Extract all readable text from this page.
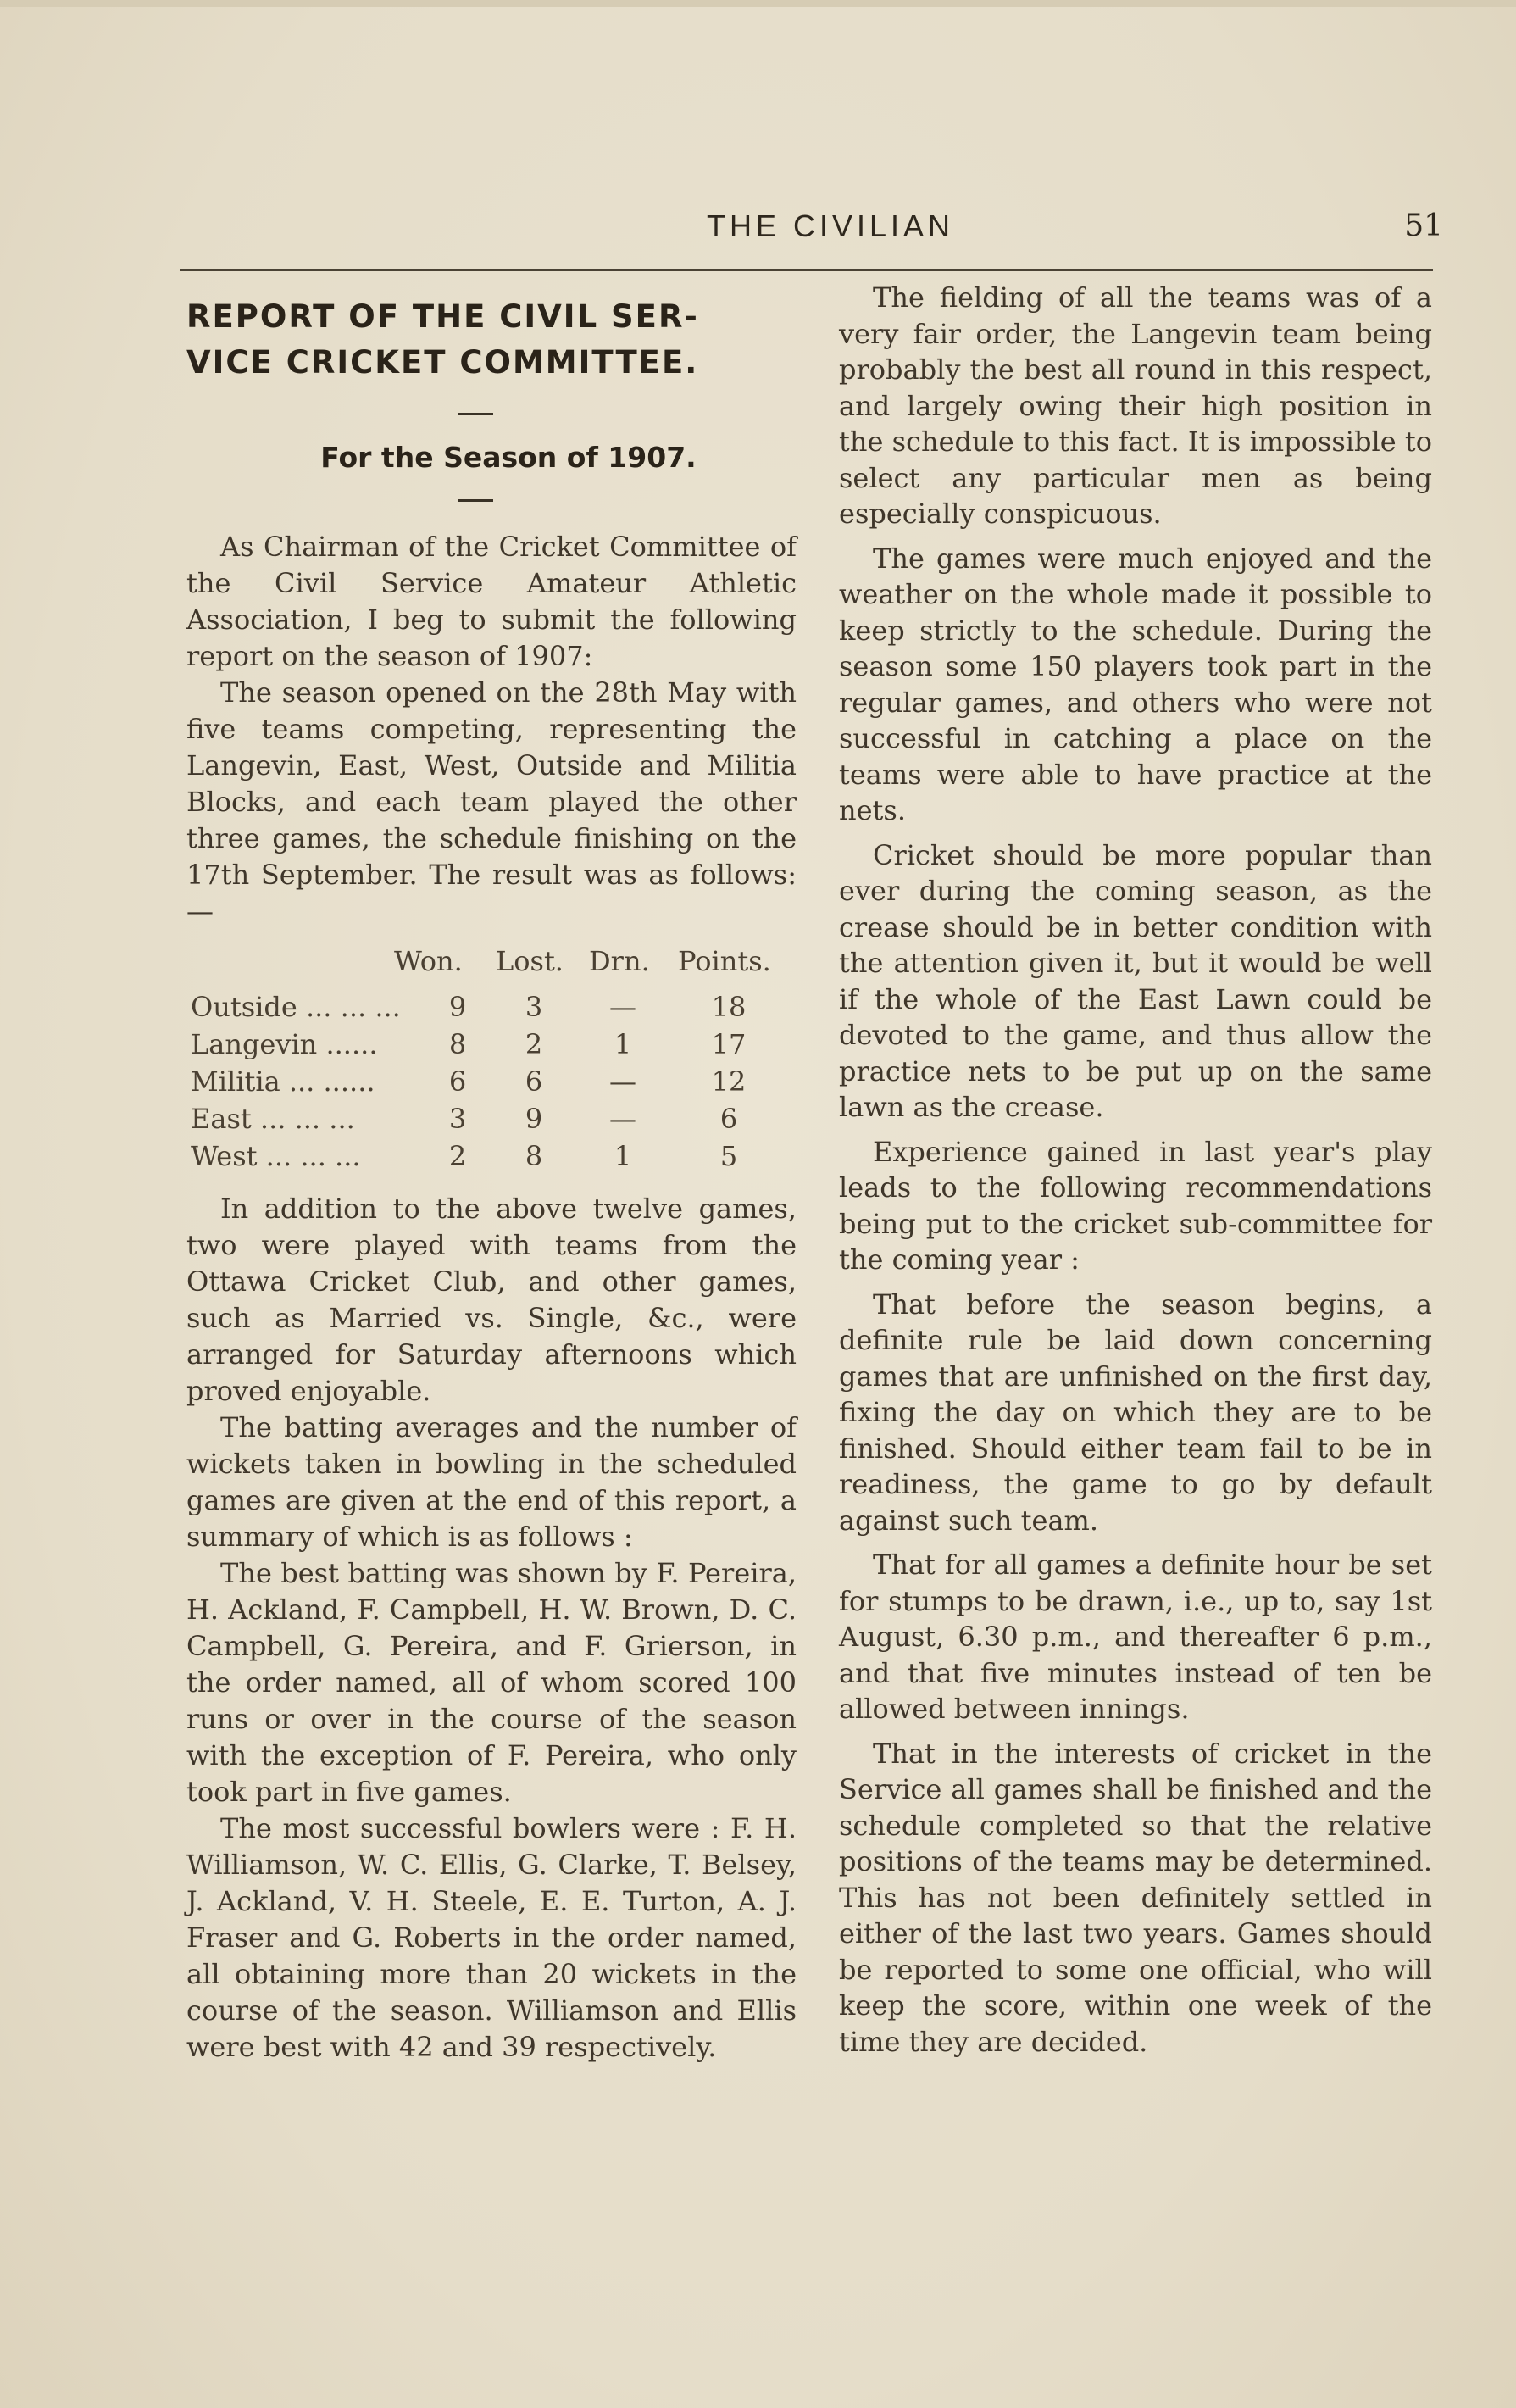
THE CIVILIAN	51
REPORT OF THE CIVIL SER-
VICE CRICKET COMMITTEE.
For the Season of 1907.

As Chairman of the Cricket Committee of the Civil Service Amateur Athletic Association, I beg to submit the following report on the season of 1907:

The season opened on the 28th May with five teams competing, representing the Langevin, East, West, Outside and Militia Blocks, and each team played the other three games, the schedule finishing on the 17th September. The result was as follows:—

Won. Lost. Drn. Points.
Outside ... ... ...	9	3	—	18
Langevin ......	8	2	1	17
Militia ... ......	6	6	—	12
East ... ... ...	3	9	—	6
West ... ... ...	2	8	1	5

In addition to the above twelve games, two were played with teams from the Ottawa Cricket Club, and other games, such as Married vs. Single, &c., were arranged for Saturday afternoons which proved enjoyable.

The batting averages and the number of wickets taken in bowling in the scheduled games are given at the end of this report, a summary of which is as follows :

The best batting was shown by F. Pereira, H. Ackland, F. Campbell, H. W. Brown, D. C. Campbell, G. Pereira, and F. Grierson, in the order named, all of whom scored 100 runs or over in the course of the season with the exception of F. Pereira, who only took part in five games.

The most successful bowlers were : F. H. Williamson, W. C. Ellis, G. Clarke, T. Belsey, J. Ackland, V. H. Steele, E. E. Turton, A. J. Fraser and G. Roberts in the order named, all obtaining more than 20 wickets in the course of the season. Williamson and Ellis were best with 42 and 39 respectively.

The fielding of all the teams was of a very fair order, the Langevin team being probably the best all round in this respect, and largely owing their high position in the schedule to this fact. It is impossible to select any particular men as being especially conspicuous.

The games were much enjoyed and the weather on the whole made it possible to keep strictly to the schedule. During the season some 150 players took part in the regular games, and others who were not successful in catching a place on the teams were able to have practice at the nets.

Cricket should be more popular than ever during the coming season, as the crease should be in better condition with the attention given it, but it would be well if the whole of the East Lawn could be devoted to the game, and thus allow the practice nets to be put up on the same lawn as the crease.

Experience gained in last year's play leads to the following recommendations being put to the cricket sub-committee for the coming year :

That before the season begins, a definite rule be laid down concerning games that are unfinished on the first day, fixing the day on which they are to be finished. Should either team fail to be in readiness, the game to go by default against such team.

That for all games a definite hour be set for stumps to be drawn, i.e., up to, say 1st August, 6.30 p.m., and thereafter 6 p.m., and that five minutes instead of ten be allowed between innings.

That in the interests of cricket in the Service all games shall be finished and the schedule completed so that the relative positions of the teams may be determined. This has not been definitely settled in either of the last two years. Games should be reported to some one official, who will keep the score, within one week of the time they are decided.
